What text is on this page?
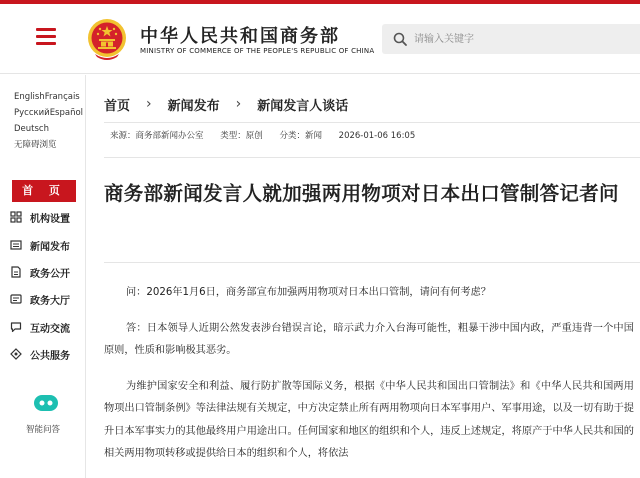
中华人民共和国商务部
MINISTRY OF COMMERCE OF THE PEOPLE'S REPUBLIC OF CHINA
请输入关键字
English Français
Русский Español
Deutsch
无障碍浏览
首 页
机构设置
新闻发布
政务公开
政务大厅
互动交流
公共服务
智能问答
首页 › 新闻发布 › 新闻发言人谈话
来源：商务部新闻办公室 类型：原创 分类：新闻 2026-01-06 16:05
商务部新闻发言人就加强两用物项对日本出口管制答记者问

问：2026年1月6日，商务部宣布加强两用物项对日本出口管制，请问有何考虑？

答：日本领导人近期公然发表涉台错误言论，暗示武力介入台海可能性，粗暴干涉中国内政，严重违背一个中国原则，性质和影响极其恶劣。

为维护国家安全和利益、履行防扩散等国际义务，根据《中华人民共和国出口管制法》和《中华人民共和国两用物项出口管制条例》等法律法规有关规定，中方决定禁止所有两用物项向日本军事用户、军事用途，以及一切有助于提升日本军事实力的其他最终用户用途出口。任何国家和地区的组织和个人，违反上述规定，将原产于中华人民共和国的相关两用物项转移或提供给日本的组织和个人，将依法
